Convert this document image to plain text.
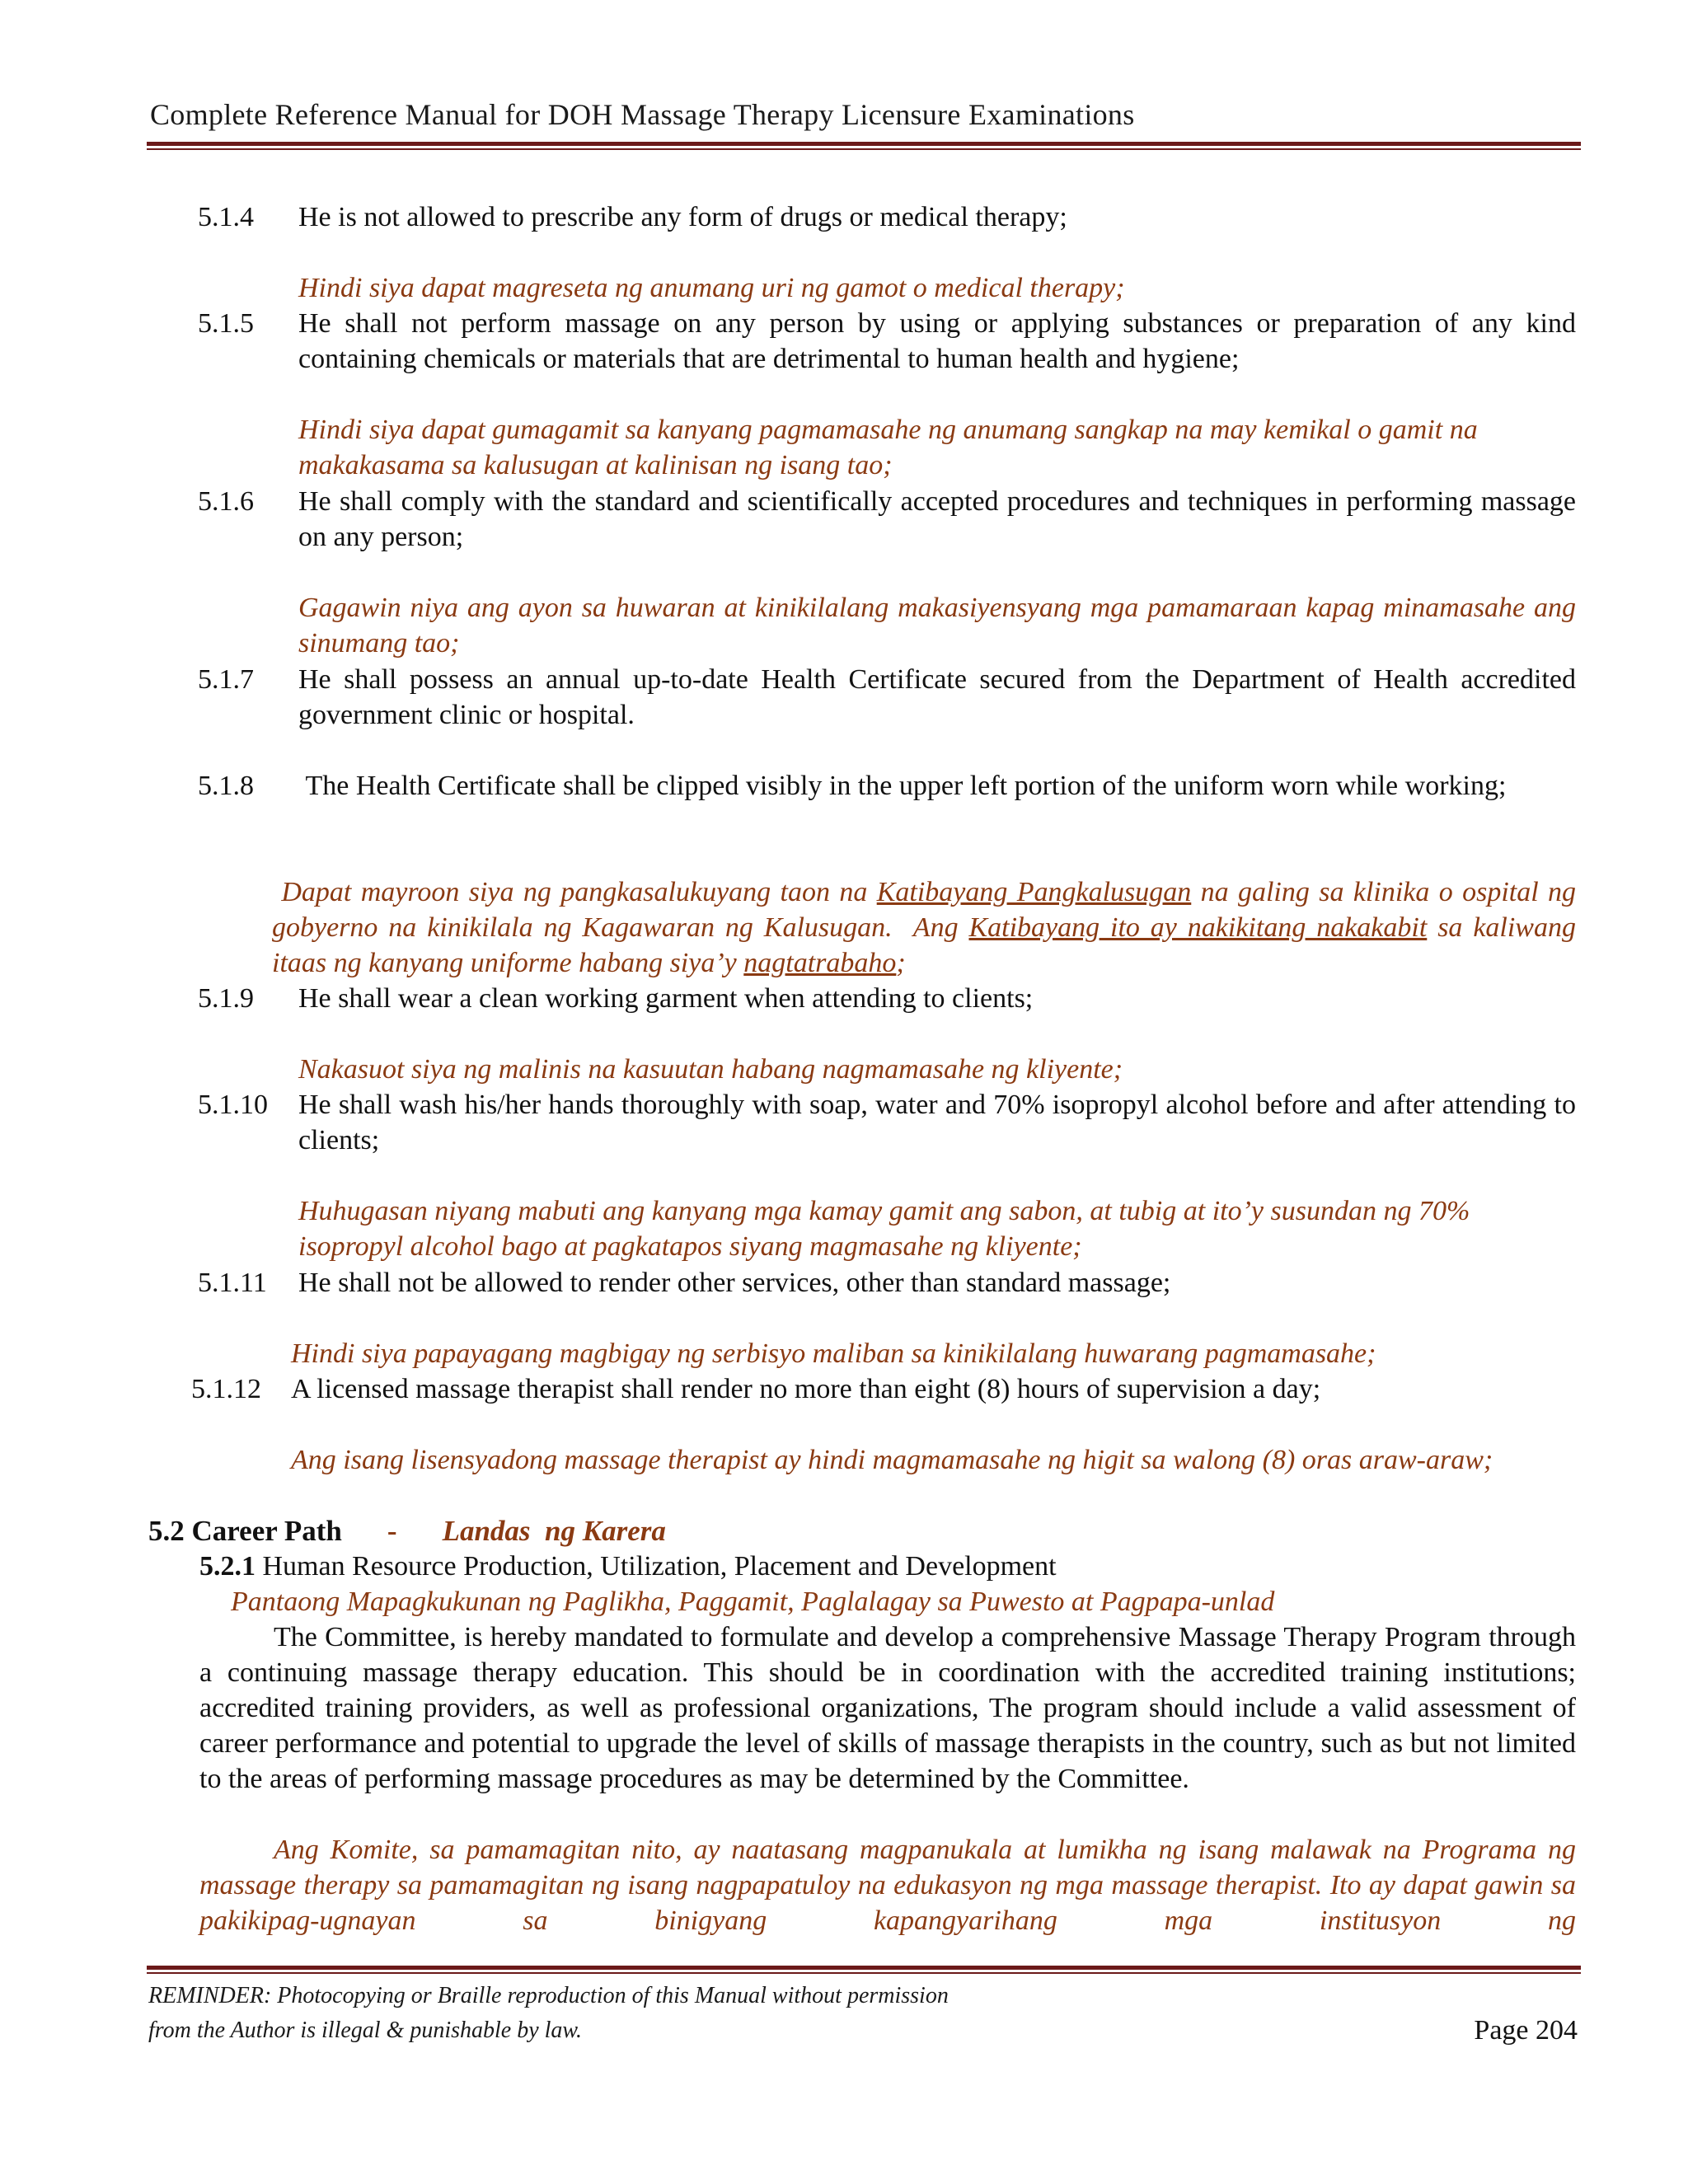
Complete Reference Manual for DOH Massage Therapy Licensure Examinations
5.1.4 He is not allowed to prescribe any form of drugs or medical therapy;
Hindi siya dapat magreseta ng anumang uri ng gamot o medical therapy;
5.1.5 He shall not perform massage on any person by using or applying substances or preparation of any kind containing chemicals or materials that are detrimental to human health and hygiene;
Hindi siya dapat gumagamit sa kanyang pagmamasahe ng anumang sangkap na may kemikal o gamit na makakasama sa kalusugan at kalinisan ng isang tao;
5.1.6 He shall comply with the standard and scientifically accepted procedures and techniques in performing massage on any person;
Gagawin niya ang ayon sa huwaran at kinikilalang makasiyensyang mga pamamaraan kapag minamasahe ang sinumang tao;
5.1.7 He shall possess an annual up-to-date Health Certificate secured from the Department of Health accredited government clinic or hospital.
5.1.8 The Health Certificate shall be clipped visibly in the upper left portion of the uniform worn while working;
Dapat mayroon siya ng pangkasalukuyang taon na Katibayang Pangkalusugan na galing sa klinika o ospital ng gobyerno na kinikilala ng Kagawaran ng Kalusugan.  Ang Katibayang ito ay nakikitang nakakabit sa kaliwang itaas ng kanyang uniforme habang siya’y nagtatrabaho;
5.1.9 He shall wear a clean working garment when attending to clients;
Nakasuot siya ng malinis na kasuutan habang nagmamasahe ng kliyente;
5.1.10 He shall wash his/her hands thoroughly with soap, water and 70% isopropyl alcohol before and after attending to clients;
Huhugasan niyang mabuti ang kanyang mga kamay gamit ang sabon, at tubig at ito’y susundan ng 70% isopropyl alcohol bago at pagkatapos siyang magmasahe ng kliyente;
5.1.11 He shall not be allowed to render other services, other than standard massage;
Hindi siya papayagang magbigay ng serbisyo maliban sa kinikilalang huwarang pagmamasahe;
5.1.12 A licensed massage therapist shall render no more than eight (8) hours of supervision a day;
Ang isang lisensyadong massage therapist ay hindi magmamasahe ng higit sa walong (8) oras araw-araw;
5.2 Career Path - Landas  ng Karera
5.2.1 Human Resource Production, Utilization, Placement and Development
Pantaong Mapagkukunan ng Paglikha, Paggamit, Paglalagay sa Puwesto at Pagpapa-unlad
The Committee, is hereby mandated to formulate and develop a comprehensive Massage Therapy Program through a continuing massage therapy education. This should be in coordination with the accredited training institutions; accredited training providers, as well as professional organizations, The program should include a valid assessment of career performance and potential to upgrade the level of skills of massage therapists in the country, such as but not limited to the areas of performing massage procedures as may be determined by the Committee.
Ang Komite, sa pamamagitan nito, ay naatasang magpanukala at lumikha ng isang malawak na Programa ng massage therapy sa pamamagitan ng isang nagpapatuloy na edukasyon ng mga massage therapist. Ito ay dapat gawin sa pakikipag-ugnayan sa binigyang kapangyarihang mga institusyon ng
REMINDER: Photocopying or Braille reproduction of this Manual without permission
from the Author is illegal & punishable by law.	Page 204
